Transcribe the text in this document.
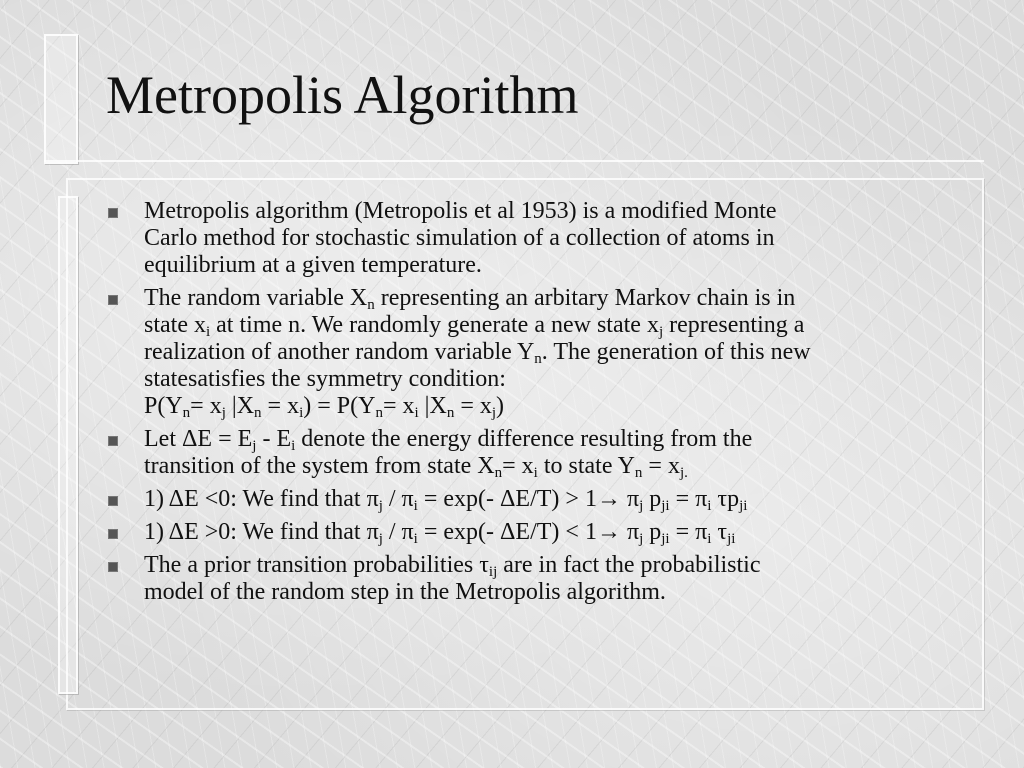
Metropolis Algorithm
Metropolis algorithm (Metropolis et al 1953) is a modified Monte
Carlo method for stochastic simulation of a collection of atoms in
equilibrium at a given temperature.
The random variable $X_n$ representing an arbitary Markov chain is in
state $x_i$ at time n. We randomly generate a new state $x_j$ representing a
realization of another random variable $Y_n$. The generation of this new
statesatisfies the symmetry condition:
$P(Y_n= x_j$ $|X_n = x_i) = P(Y_n= x_i$ $|X_n = x_j$)
Let $\Delta E = E_j - E_i$ denote the energy difference resulting from the
transition of the system from state $X_n= x_i$ to state $Y_n = x_{j.}$
1) ΔE <0: We find that $\pi_j / \pi_i = \exp(-$ $\Delta E/T) > 1\to \pi_j$ $p_{ji} = \pi_i$ $\tau p_{ji}$
1) ΔE >0: We find that $\pi_j / \pi_i = \exp(-$ $\Delta E/T) < 1\to \pi_j$ $p_{ji} = \pi_i$ $\tau_{ji}$
The a prior transition probabilities $\tau_{ij}$ are in fact the probabilistic
model of the random step in the Metropolis algorithm.
